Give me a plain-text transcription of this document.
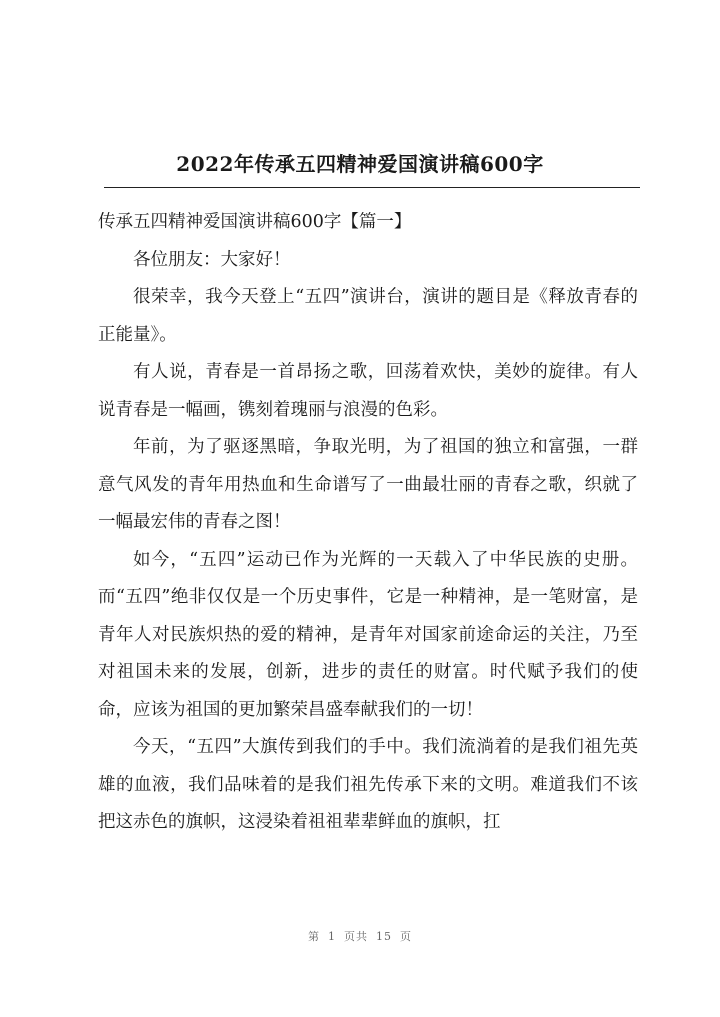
2022年传承五四精神爱国演讲稿600字

传承五四精神爱国演讲稿600字【篇一】

各位朋友：大家好！

很荣幸，我今天登上“五四”演讲台，演讲的题目是《释放青春的正能量》。

有人说，青春是一首昂扬之歌，回荡着欢快，美妙的旋律。有人说青春是一幅画，镌刻着瑰丽与浪漫的色彩。

年前，为了驱逐黑暗，争取光明，为了祖国的独立和富强，一群意气风发的青年用热血和生命谱写了一曲最壮丽的青春之歌，织就了一幅最宏伟的青春之图！

如今，“五四”运动已作为光辉的一天载入了中华民族的史册。而“五四”绝非仅仅是一个历史事件，它是一种精神，是一笔财富，是青年人对民族炽热的爱的精神，是青年对国家前途命运的关注，乃至对祖国未来的发展，创新，进步的责任的财富。时代赋予我们的使命，应该为祖国的更加繁荣昌盛奉献我们的一切！

今天，“五四”大旗传到我们的手中。我们流淌着的是我们祖先英雄的血液，我们品味着的是我们祖先传承下来的文明。难道我们不该把这赤色的旗帜，这浸染着祖祖辈辈鲜血的旗帜，扛

第 1 页共 15 页
